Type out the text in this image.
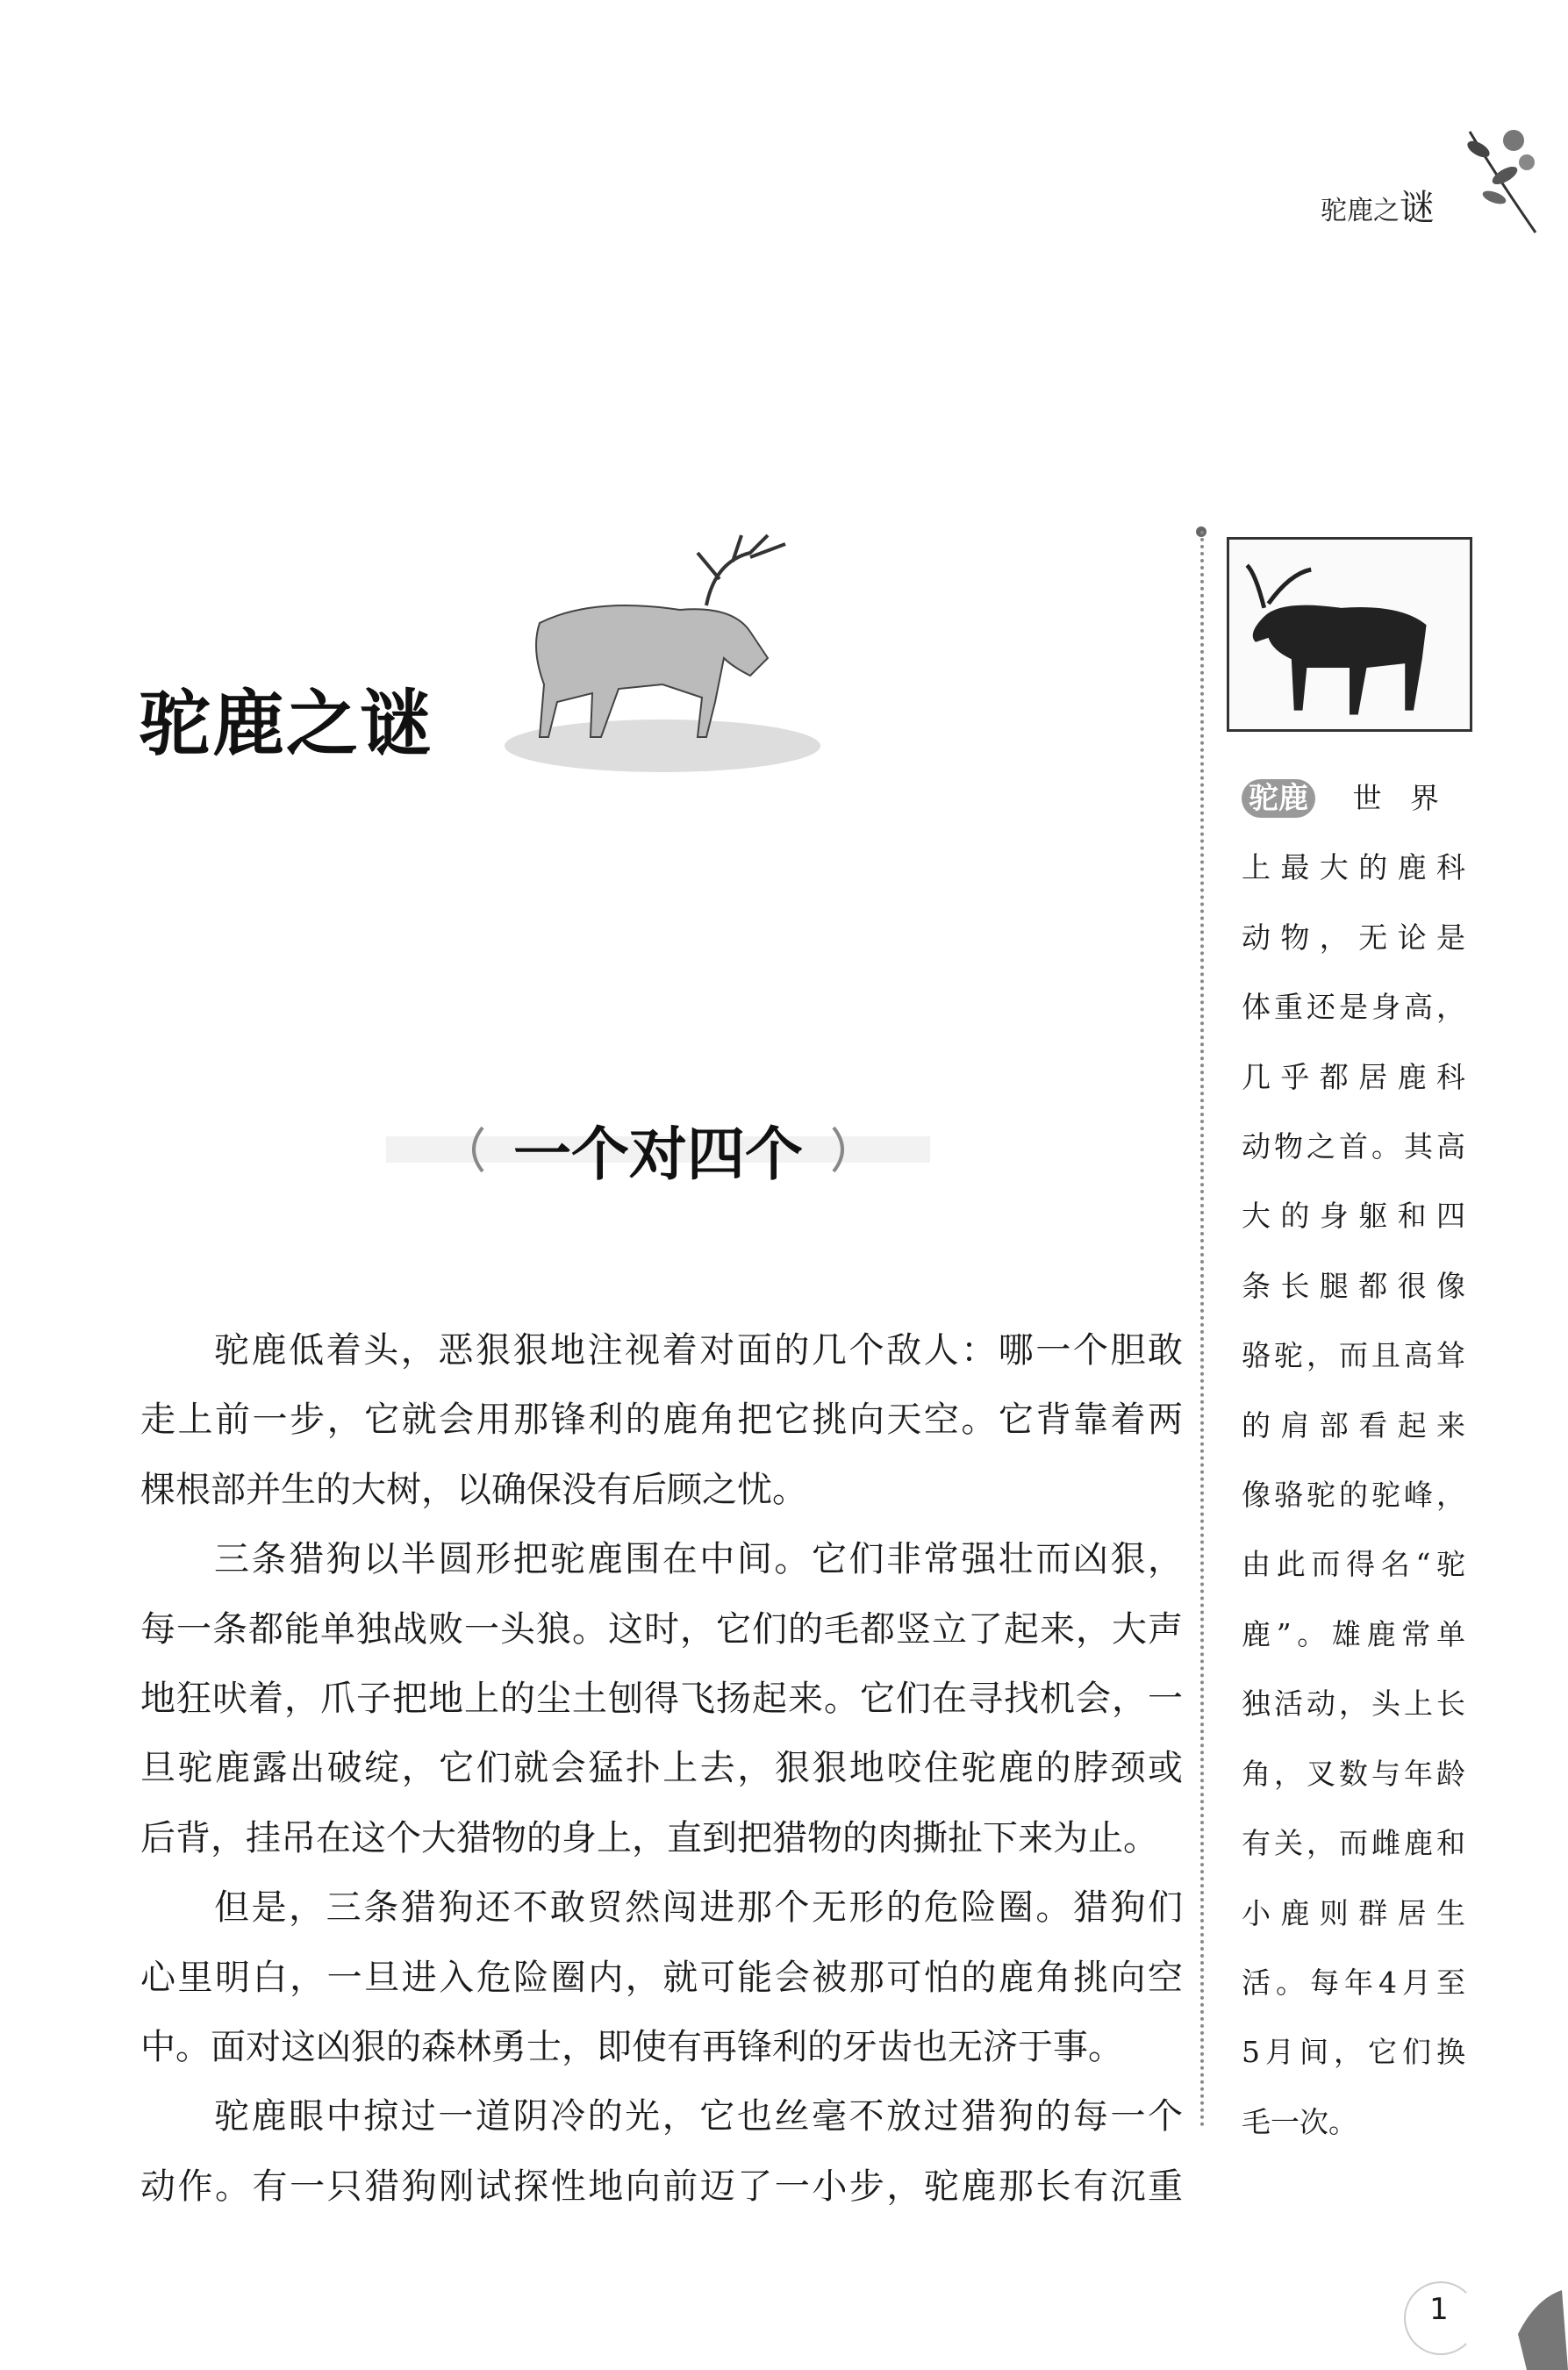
驼鹿之谜
驼鹿之谜
一个对四个
驼鹿低着头，恶狠狠地注视着对面的几个敌人：哪一个胆敢
走上前一步，它就会用那锋利的鹿角把它挑向天空。它背靠着两
棵根部并生的大树，以确保没有后顾之忧。
三条猎狗以半圆形把驼鹿围在中间。它们非常强壮而凶狠，
每一条都能单独战败一头狼。这时，它们的毛都竖立了起来，大声
地狂吠着，爪子把地上的尘土刨得飞扬起来。它们在寻找机会，一
旦驼鹿露出破绽，它们就会猛扑上去，狠狠地咬住驼鹿的脖颈或
后背，挂吊在这个大猎物的身上，直到把猎物的肉撕扯下来为止。
但是，三条猎狗还不敢贸然闯进那个无形的危险圈。猎狗们
心里明白，一旦进入危险圈内，就可能会被那可怕的鹿角挑向空
中。面对这凶狠的森林勇士，即使有再锋利的牙齿也无济于事。
驼鹿眼中掠过一道阴冷的光，它也丝毫不放过猎狗的每一个
动作。有一只猎狗刚试探性地向前迈了一小步，驼鹿那长有沉重
驼鹿 世界
上最大的鹿科
动物，无论是
体重还是身高，
几乎都居鹿科
动物之首。其高
大的身躯和四
条长腿都很像
骆驼，而且高耸
的肩部看起来
像骆驼的驼峰，
由此而得名“驼
鹿”。雄鹿常单
独活动，头上长
角，叉数与年龄
有关，而雌鹿和
小鹿则群居生
活。每年4月至
5月间，它们换
毛一次。
1
